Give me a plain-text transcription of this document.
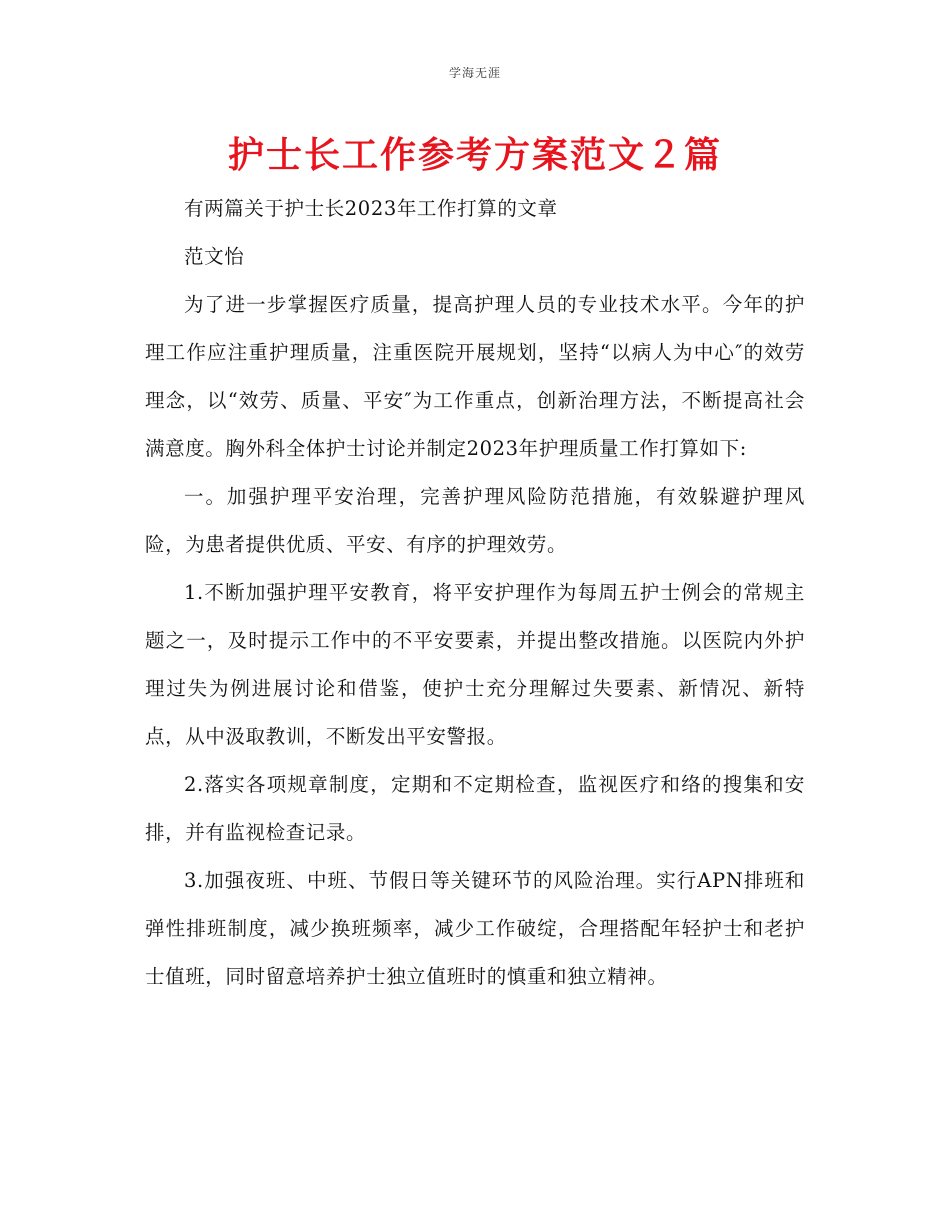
学海无涯
护士长工作参考方案范文２篇

有两篇关于护士长2023年工作打算的文章

范文怡

为了进一步掌握医疗质量，提高护理人员的专业技术水平。今年的护理工作应注重护理质量，注重医院开展规划，坚持“以病人为中心″的效劳理念，以“效劳、质量、平安″为工作重点，创新治理方法，不断提高社会满意度。胸外科全体护士讨论并制定2023年护理质量工作打算如下:

一。加强护理平安治理，完善护理风险防范措施，有效躲避护理风险，为患者提供优质、平安、有序的护理效劳。

1.不断加强护理平安教育，将平安护理作为每周五护士例会的常规主题之一，及时提示工作中的不平安要素，并提出整改措施。以医院内外护理过失为例进展讨论和借鉴，使护士充分理解过失要素、新情况、新特点，从中汲取教训，不断发出平安警报。

2.落实各项规章制度，定期和不定期检查，监视医疗和络的搜集和安排，并有监视检查记录。

3.加强夜班、中班、节假日等关键环节的风险治理。实行APN排班和弹性排班制度，减少换班频率，减少工作破绽，合理搭配年轻护士和老护士值班，同时留意培养护士独立值班时的慎重和独立精神。
